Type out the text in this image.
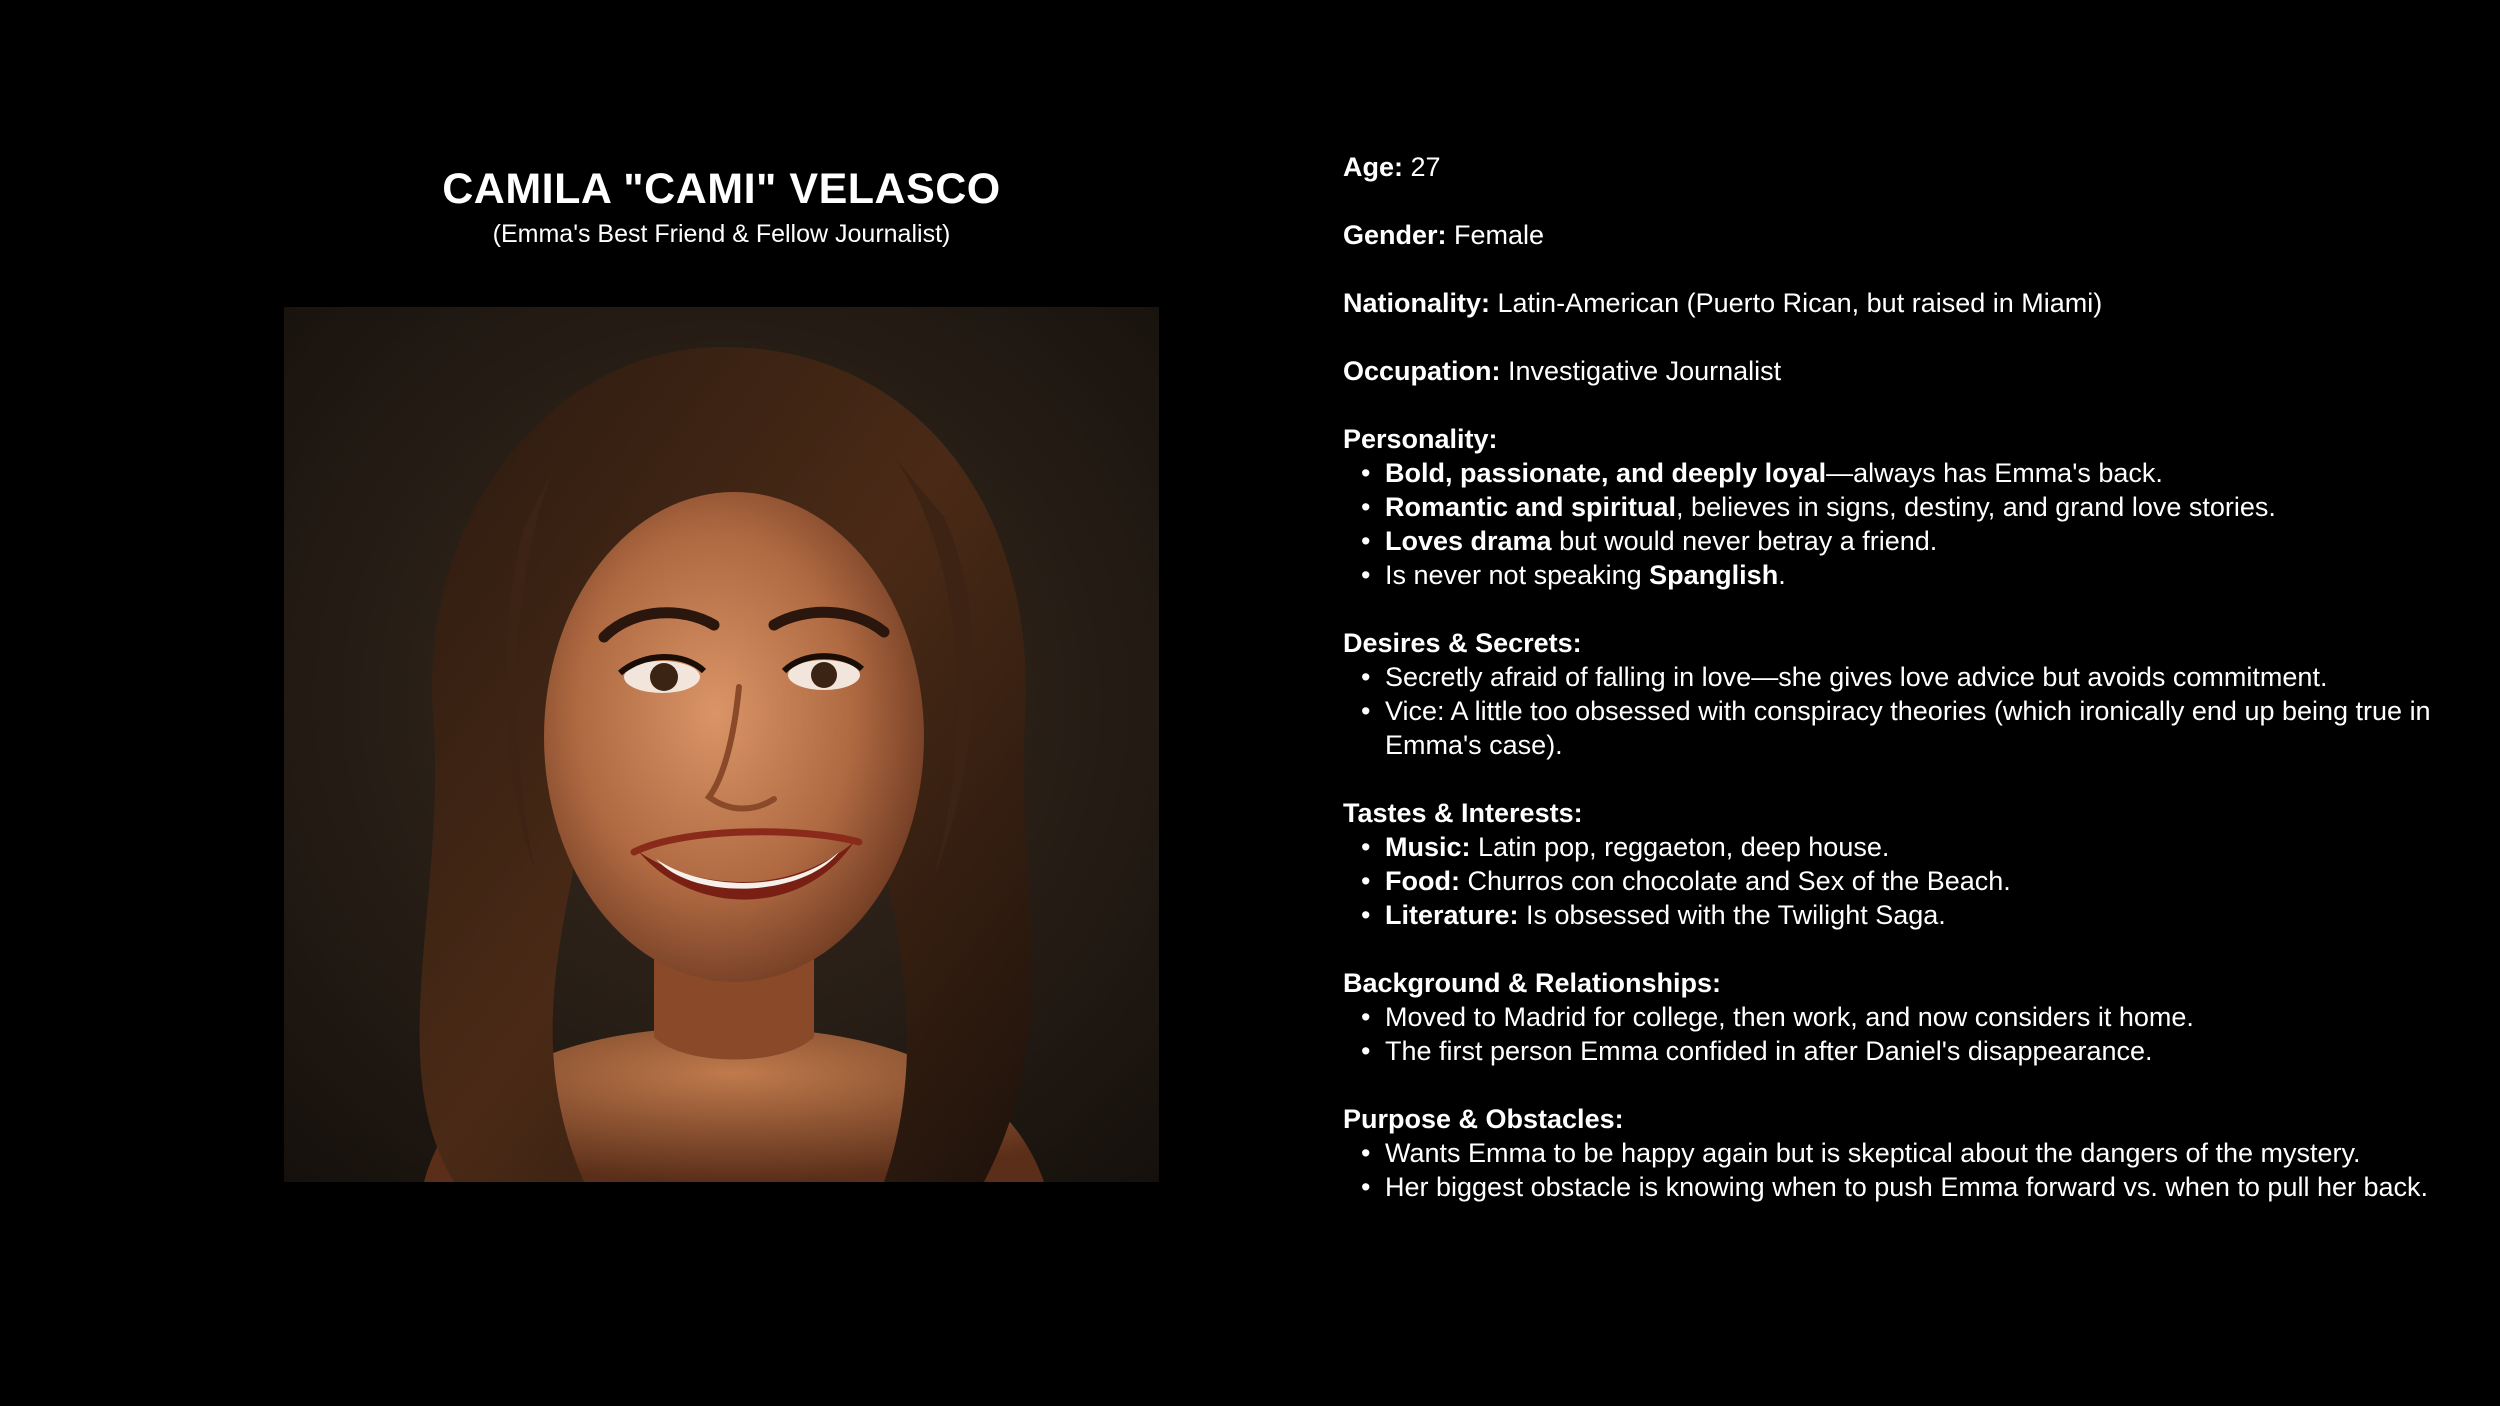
CAMILA "CAMI" VELASCO

(Emma's Best Friend & Fellow Journalist)

Age: 27

Gender: Female

Nationality: Latin-American (Puerto Rican, but raised in Miami)

Occupation: Investigative Journalist

Personality:

• Bold, passionate, and deeply loyal—always has Emma's back.
• Romantic and spiritual, believes in signs, destiny, and grand love stories.
• Loves drama but would never betray a friend.
• Is never not speaking Spanglish.

Desires & Secrets:

• Secretly afraid of falling in love—she gives love advice but avoids commitment.
• Vice: A little too obsessed with conspiracy theories (which ironically end up being true in Emma's case).

Tastes & Interests:

• Music: Latin pop, reggaeton, deep house.
• Food: Churros con chocolate and Sex of the Beach.
• Literature: Is obsessed with the Twilight Saga.

Background & Relationships:

• Moved to Madrid for college, then work, and now considers it home.
• The first person Emma confided in after Daniel's disappearance.

Purpose & Obstacles:

• Wants Emma to be happy again but is skeptical about the dangers of the mystery.
• Her biggest obstacle is knowing when to push Emma forward vs. when to pull her back.
